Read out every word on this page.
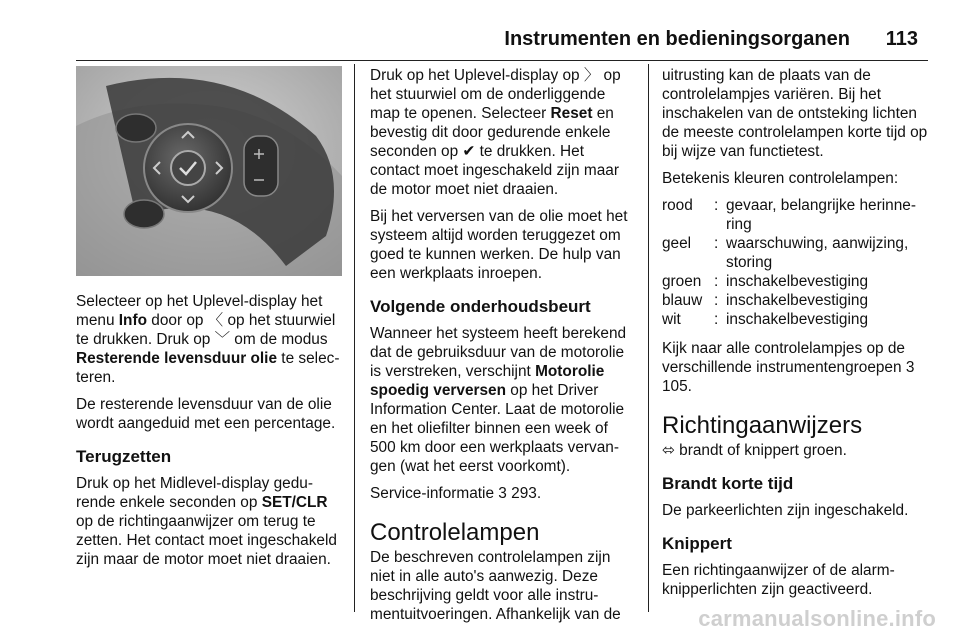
Instrumenten en bedieningsorganen 113

Selecteer op het Uplevel-display het menu Info door op 〈 op het stuurwiel te drukken. Druk op ﹀ om de modus Resterende levensduur olie te selecteren.

De resterende levensduur van de olie wordt aangeduid met een percentage.

Terugzetten

Druk op het Midlevel-display gedurende enkele seconden op SET/CLR op de richtingaanwijzer om terug te zetten. Het contact moet ingeschakeld zijn maar de motor moet niet draaien.

Druk op het Uplevel-display op 〉 op het stuurwiel om de onderliggende map te openen. Selecteer Reset en bevestig dit door gedurende enkele seconden op ✔ te drukken. Het contact moet ingeschakeld zijn maar de motor moet niet draaien.

Bij het verversen van de olie moet het systeem altijd worden teruggezet om goed te kunnen werken. De hulp van een werkplaats inroepen.

Volgende onderhoudsbeurt

Wanneer het systeem heeft berekend dat de gebruiksduur van de motorolie is verstreken, verschijnt Motorolie spoedig verversen op het Driver Information Center. Laat de motorolie en het oliefilter binnen een week of 500 km door een werkplaats vervangen (wat het eerst voorkomt).

Service-informatie 3 293.

Controlelampen

De beschreven controlelampen zijn niet in alle auto's aanwezig. Deze beschrijving geldt voor alle instrumentuitvoeringen. Afhankelijk van de

uitrusting kan de plaats van de controlelampjes variëren. Bij het inschakelen van de ontsteking lichten de meeste controlelampen korte tijd op bij wijze van functietest.

Betekenis kleuren controlelampen:

rood	: gevaar, belangrijke herinnering
geel	: waarschuwing, aanwijzing, storing
groen : inschakelbevestiging
blauw : inschakelbevestiging
wit	: inschakelbevestiging

Kijk naar alle controlelampjes op de verschillende instrumentengroepen 3 105.

Richtingaanwijzers

⬄ brandt of knippert groen.

Brandt korte tijd

De parkeerlichten zijn ingeschakeld.

Knippert

Een richtingaanwijzer of de alarmknipperlichten zijn geactiveerd.

carmanualsonline.info
